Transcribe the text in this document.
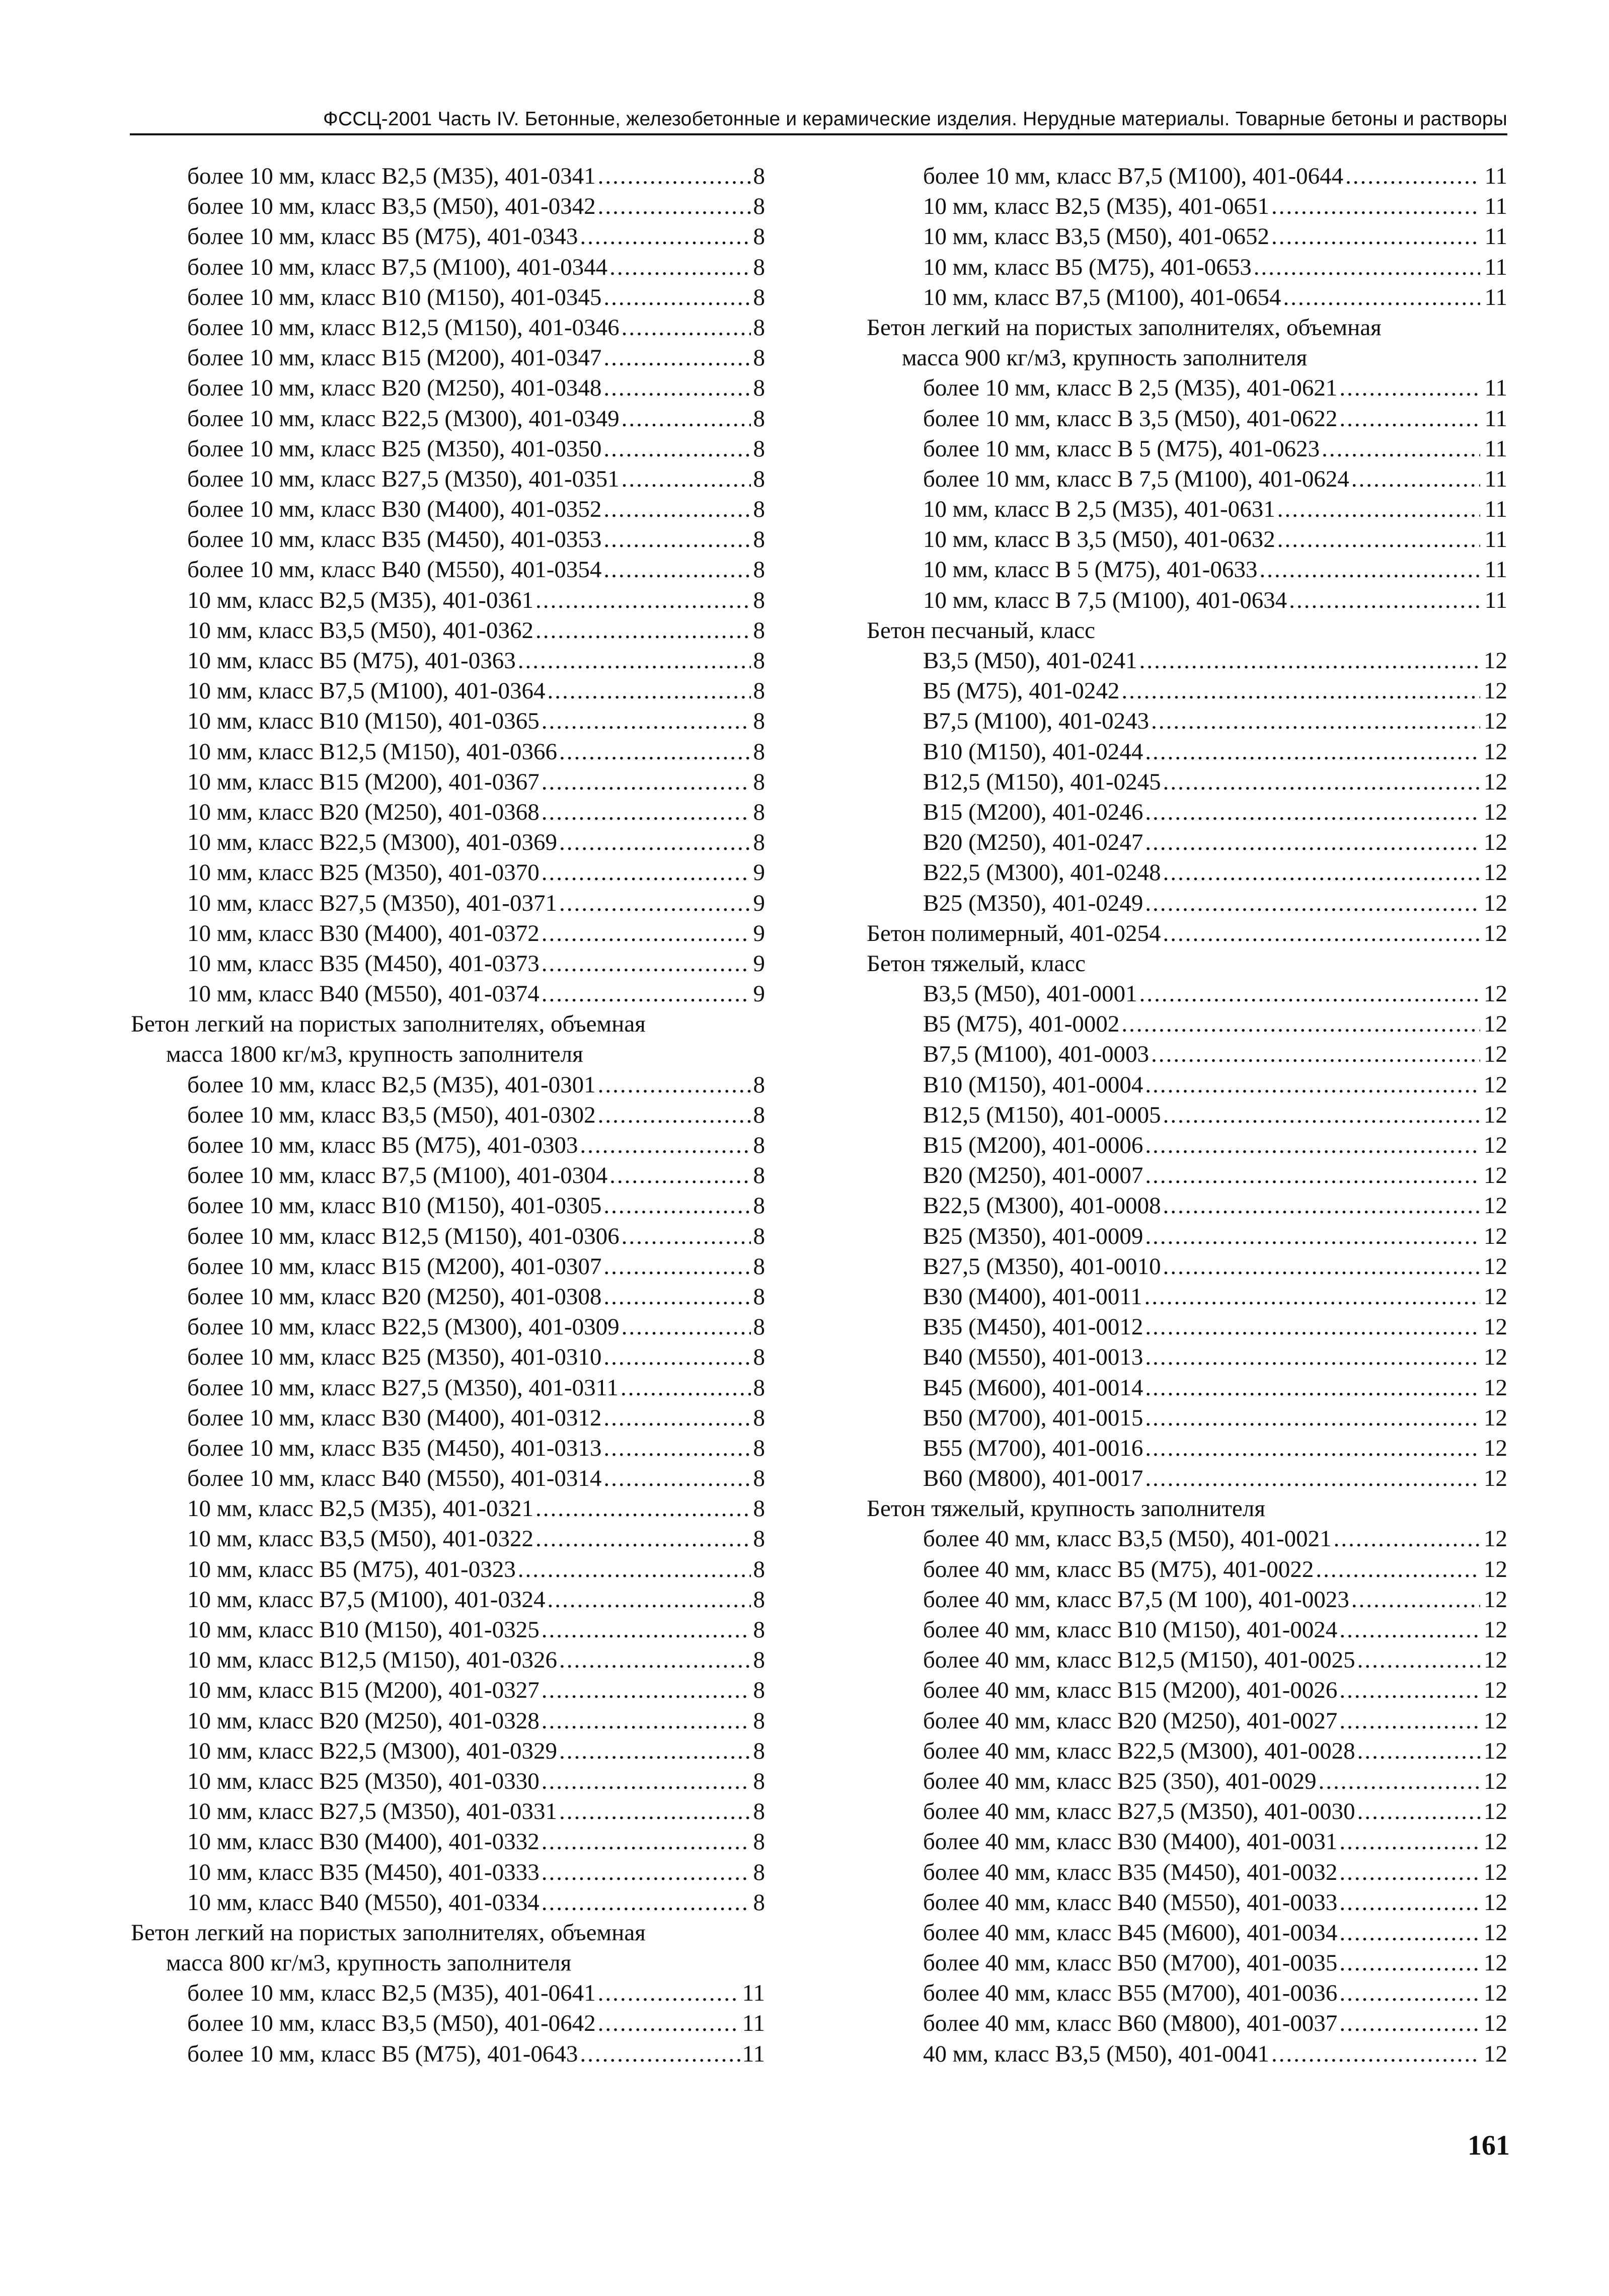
ФССЦ-2001 Часть IV. Бетонные, железобетонные и керамические изделия. Нерудные материалы. Товарные бетоны и растворы
более 10 мм, класс В2,5 (М35), 401-0341 .....	8
более 10 мм, класс В3,5 (М50), 401-0342 .....	8
более 10 мм, класс В5 (М75), 401-0343 .....	8
более 10 мм, класс В7,5 (М100), 401-0344 .....	8
более 10 мм, класс В10 (М150), 401-0345 .....	8
более 10 мм, класс В12,5 (М150), 401-0346 .....	8
более 10 мм, класс В15 (М200), 401-0347 .....	8
более 10 мм, класс В20 (М250), 401-0348 .....	8
более 10 мм, класс В22,5 (М300), 401-0349 .....	8
более 10 мм, класс В25 (М350), 401-0350 .....	8
более 10 мм, класс В27,5 (М350), 401-0351 .....	8
более 10 мм, класс В30 (М400), 401-0352 .....	8
более 10 мм, класс В35 (М450), 401-0353 .....	8
более 10 мм, класс В40 (М550), 401-0354 .....	8
10 мм, класс В2,5 (М35), 401-0361 .....	8
10 мм, класс В3,5 (М50), 401-0362 .....	8
10 мм, класс В5 (М75), 401-0363 .....	8
10 мм, класс В7,5 (М100), 401-0364 .....	8
10 мм, класс В10 (М150), 401-0365 .....	8
10 мм, класс В12,5 (М150), 401-0366 .....	8
10 мм, класс В15 (М200), 401-0367 .....	8
10 мм, класс В20 (М250), 401-0368 .....	8
10 мм, класс В22,5 (М300), 401-0369 .....	8
10 мм, класс В25 (М350), 401-0370 .....	9
10 мм, класс В27,5 (М350), 401-0371 .....	9
10 мм, класс В30 (М400), 401-0372 .....	9
10 мм, класс В35 (М450), 401-0373 .....	9
10 мм, класс В40 (М550), 401-0374 .....	9
Бетон легкий на пористых заполнителях, объемная
масса 1800 кг/м3, крупность заполнителя
более 10 мм, класс В2,5 (М35), 401-0301 .....	8
более 10 мм, класс В3,5 (М50), 401-0302 .....	8
более 10 мм, класс В5 (М75), 401-0303 .....	8
более 10 мм, класс В7,5 (М100), 401-0304 .....	8
более 10 мм, класс В10 (М150), 401-0305 .....	8
более 10 мм, класс В12,5 (М150), 401-0306 .....	8
более 10 мм, класс В15 (М200), 401-0307 .....	8
более 10 мм, класс В20 (М250), 401-0308 .....	8
более 10 мм, класс В22,5 (М300), 401-0309 .....	8
более 10 мм, класс В25 (М350), 401-0310 .....	8
более 10 мм, класс В27,5 (М350), 401-0311 .....	8
более 10 мм, класс В30 (М400), 401-0312 .....	8
более 10 мм, класс В35 (М450), 401-0313 .....	8
более 10 мм, класс В40 (М550), 401-0314 .....	8
10 мм, класс В2,5 (М35), 401-0321 .....	8
10 мм, класс В3,5 (М50), 401-0322 .....	8
10 мм, класс В5 (М75), 401-0323 .....	8
10 мм, класс В7,5 (М100), 401-0324 .....	8
10 мм, класс В10 (М150), 401-0325 .....	8
10 мм, класс В12,5 (М150), 401-0326 .....	8
10 мм, класс В15 (М200), 401-0327 .....	8
10 мм, класс В20 (М250), 401-0328 .....	8
10 мм, класс В22,5 (М300), 401-0329 .....	8
10 мм, класс В25 (М350), 401-0330 .....	8
10 мм, класс В27,5 (М350), 401-0331 .....	8
10 мм, класс В30 (М400), 401-0332 .....	8
10 мм, класс В35 (М450), 401-0333 .....	8
10 мм, класс В40 (М550), 401-0334 .....	8
Бетон легкий на пористых заполнителях, объемная
масса 800 кг/м3, крупность заполнителя
более 10 мм, класс В2,5 (М35), 401-0641 .....	11
более 10 мм, класс В3,5 (М50), 401-0642 .....	11
более 10 мм, класс В5 (М75), 401-0643 .....	11
более 10 мм, класс В7,5 (М100), 401-0644 .....	11
10 мм, класс В2,5 (М35), 401-0651 .....	11
10 мм, класс В3,5 (М50), 401-0652 .....	11
10 мм, класс В5 (М75), 401-0653 .....	11
10 мм, класс В7,5 (М100), 401-0654 .....	11
Бетон легкий на пористых заполнителях, объемная
масса 900 кг/м3, крупность заполнителя
более 10 мм, класс В 2,5 (М35), 401-0621 .....	11
более 10 мм, класс В 3,5 (М50), 401-0622 .....	11
более 10 мм, класс В 5 (М75), 401-0623 .....	11
более 10 мм, класс В 7,5 (М100), 401-0624 .....	11
10 мм, класс В 2,5 (М35), 401-0631 .....	11
10 мм, класс В 3,5 (М50), 401-0632 .....	11
10 мм, класс В 5 (М75), 401-0633 .....	11
10 мм, класс В 7,5 (М100), 401-0634 .....	11
Бетон песчаный, класс
В3,5 (М50), 401-0241 .....	12
В5 (М75), 401-0242 .....	12
В7,5 (М100), 401-0243 .....	12
В10 (М150), 401-0244 .....	12
В12,5 (М150), 401-0245 .....	12
В15 (М200), 401-0246 .....	12
В20 (М250), 401-0247 .....	12
В22,5 (М300), 401-0248 .....	12
В25 (М350), 401-0249 .....	12
Бетон полимерный, 401-0254 .....	12
Бетон тяжелый, класс
В3,5 (М50), 401-0001 .....	12
В5 (М75), 401-0002 .....	12
В7,5 (М100), 401-0003 .....	12
В10 (М150), 401-0004 .....	12
В12,5 (М150), 401-0005 .....	12
В15 (М200), 401-0006 .....	12
В20 (М250), 401-0007 .....	12
В22,5 (М300), 401-0008 .....	12
В25 (М350), 401-0009 .....	12
В27,5 (М350), 401-0010 .....	12
В30 (М400), 401-0011 .....	12
В35 (М450), 401-0012 .....	12
В40 (М550), 401-0013 .....	12
В45 (М600), 401-0014 .....	12
В50 (М700), 401-0015 .....	12
В55 (М700), 401-0016 .....	12
В60 (М800), 401-0017 .....	12
Бетон тяжелый, крупность заполнителя
более 40 мм, класс В3,5 (М50), 401-0021 .....	12
более 40 мм, класс В5 (М75), 401-0022 .....	12
более 40 мм, класс В7,5 (М 100), 401-0023 .....	12
более 40 мм, класс В10 (М150), 401-0024 .....	12
более 40 мм, класс В12,5 (М150), 401-0025 .....	12
более 40 мм, класс В15 (М200), 401-0026 .....	12
более 40 мм, класс В20 (М250), 401-0027 .....	12
более 40 мм, класс В22,5 (М300), 401-0028 .....	12
более 40 мм, класс В25 (350), 401-0029 .....	12
более 40 мм, класс В27,5 (М350), 401-0030 .....	12
более 40 мм, класс В30 (М400), 401-0031 .....	12
более 40 мм, класс В35 (М450), 401-0032 .....	12
более 40 мм, класс В40 (М550), 401-0033 .....	12
более 40 мм, класс В45 (М600), 401-0034 .....	12
более 40 мм, класс В50 (М700), 401-0035 .....	12
более 40 мм, класс В55 (М700), 401-0036 .....	12
более 40 мм, класс В60 (М800), 401-0037 .....	12
40 мм, класс В3,5 (М50), 401-0041 .....	12
161
